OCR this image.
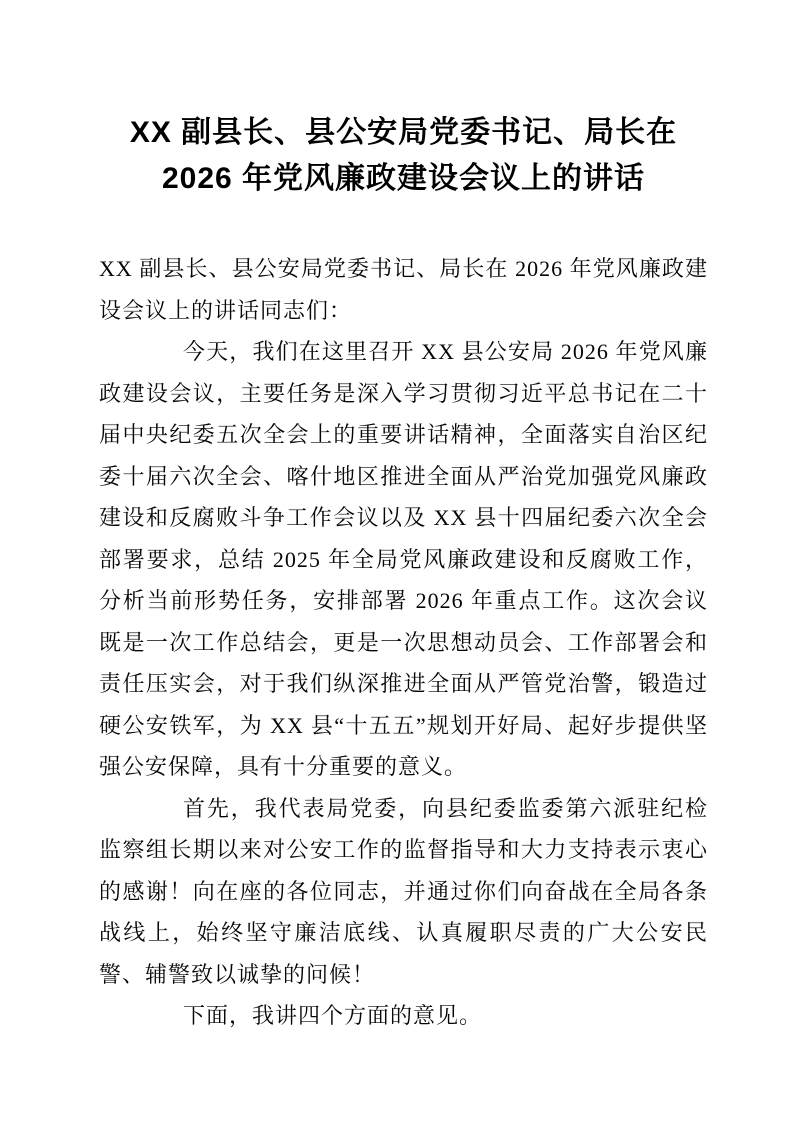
XX 副县长、县公安局党委书记、局长在 2026 年党风廉政建设会议上的讲话

XX 副县长、县公安局党委书记、局长在 2026 年党风廉政建设会议上的讲话同志们：

今天，我们在这里召开 XX 县公安局 2026 年党风廉政建设会议，主要任务是深入学习贯彻习近平总书记在二十届中央纪委五次全会上的重要讲话精神，全面落实自治区纪委十届六次全会、喀什地区推进全面从严治党加强党风廉政建设和反腐败斗争工作会议以及 XX 县十四届纪委六次全会部署要求，总结 2025 年全局党风廉政建设和反腐败工作，分析当前形势任务，安排部署 2026 年重点工作。这次会议既是一次工作总结会，更是一次思想动员会、工作部署会和责任压实会，对于我们纵深推进全面从严管党治警，锻造过硬公安铁军，为 XX 县“十五五”规划开好局、起好步提供坚强公安保障，具有十分重要的意义。

首先，我代表局党委，向县纪委监委第六派驻纪检监察组长期以来对公安工作的监督指导和大力支持表示衷心的感谢！向在座的各位同志，并通过你们向奋战在全局各条战线上，始终坚守廉洁底线、认真履职尽责的广大公安民警、辅警致以诚挚的问候！

下面，我讲四个方面的意见。
